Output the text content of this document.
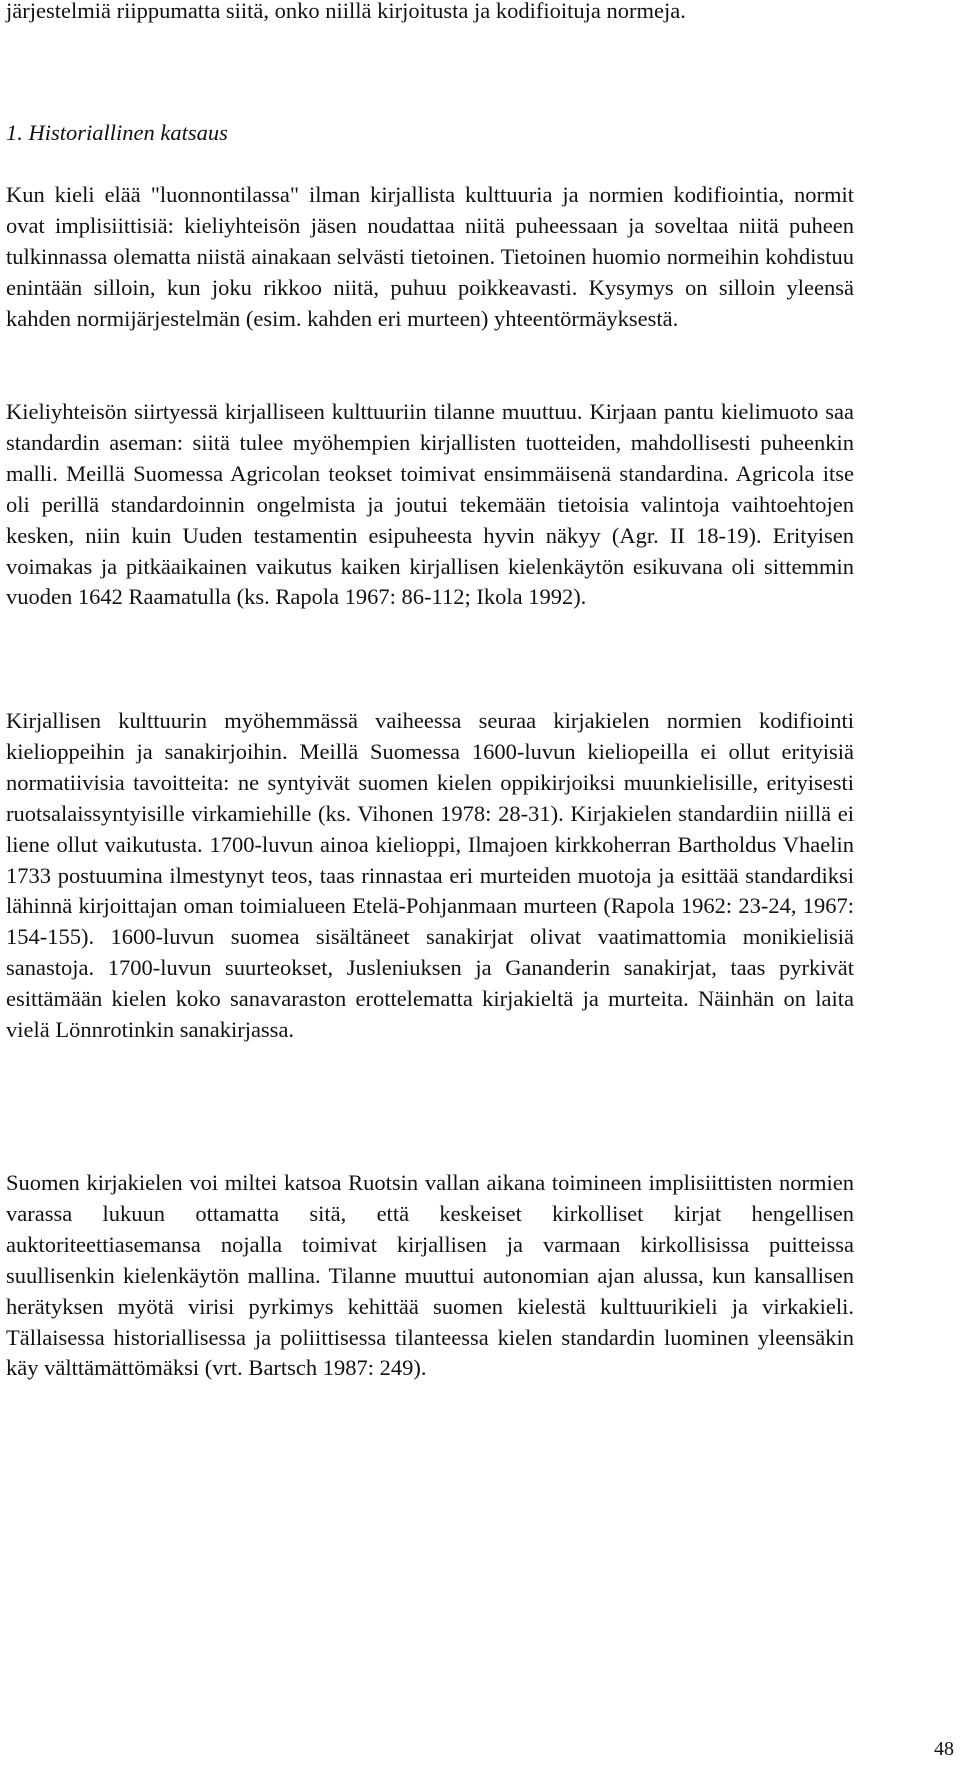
järjestelmiä riippumatta siitä, onko niillä kirjoitusta ja kodifioituja normeja.
1. Historiallinen katsaus
Kun kieli elää "luonnontilassa" ilman kirjallista kulttuuria ja normien kodifiointia, normit ovat implisiittisiä: kieliyhteisön jäsen noudattaa niitä puheessaan ja soveltaa niitä puheen tulkinnassa olematta niistä ainakaan selvästi tietoinen. Tietoinen huomio normeihin kohdistuu enintään silloin, kun joku rikkoo niitä, puhuu poikkeavasti. Kysymys on silloin yleensä kahden normijärjestelmän (esim. kahden eri murteen) yhteentörmäyksestä.
Kieliyhteisön siirtyessä kirjalliseen kulttuuriin tilanne muuttuu. Kirjaan pantu kielimuoto saa standardin aseman: siitä tulee myöhempien kirjallisten tuotteiden, mahdollisesti puheenkin malli. Meillä Suomessa Agricolan teokset toimivat ensimmäisenä standardina. Agricola itse oli perillä standardoinnin ongelmista ja joutui tekemään tietoisia valintoja vaihtoehtojen kesken, niin kuin Uuden testamentin esipuheesta hyvin näkyy (Agr. II 18-19). Erityisen voimakas ja pitkäaikainen vaikutus kaiken kirjallisen kielenkäytön esikuvana oli sittemmin vuoden 1642 Raamatulla (ks. Rapola 1967: 86-112; Ikola 1992).
Kirjallisen kulttuurin myöhemmässä vaiheessa seuraa kirjakielen normien kodifiointi kielioppeihin ja sanakirjoihin. Meillä Suomessa 1600-luvun kieliopeilla ei ollut erityisiä normatiivisia tavoitteita: ne syntyivät suomen kielen oppikirjoiksi muunkielisille, erityisesti ruotsalaissyntyisille virkamiehille (ks. Vihonen 1978: 28-31). Kirjakielen standardiin niillä ei liene ollut vaikutusta. 1700-luvun ainoa kielioppi, Ilmajoen kirkkoherran Bartholdus Vhaelin 1733 postuumina ilmestynyt teos, taas rinnastaa eri murteiden muotoja ja esittää standardiksi lähinnä kirjoittajan oman toimialueen Etelä-Pohjanmaan murteen (Rapola 1962: 23-24, 1967: 154-155). 1600-luvun suomea sisältäneet sanakirjat olivat vaatimattomia monikielisiä sanastoja. 1700-luvun suurteokset, Jusleniuksen ja Gananderin sanakirjat, taas pyrkivät esittämään kielen koko sanavaraston erottelematta kirjakieltä ja murteita. Näinhän on laita vielä Lönnrotinkin sanakirjassa.
Suomen kirjakielen voi miltei katsoa Ruotsin vallan aikana toimineen implisiittisten normien varassa lukuun ottamatta sitä, että keskeiset kirkolliset kirjat hengellisen auktoriteettiasemansa nojalla toimivat kirjallisen ja varmaan kirkollisissa puitteissa suullisenkin kielenkäytön mallina. Tilanne muuttui autonomian ajan alussa, kun kansallisen herätyksen myötä virisi pyrkimys kehittää suomen kielestä kulttuurikieli ja virkakieli. Tällaisessa historiallisessa ja poliittisessa tilanteessa kielen standardin luominen yleensäkin käy välttämättömäksi (vrt. Bartsch 1987: 249).
48
